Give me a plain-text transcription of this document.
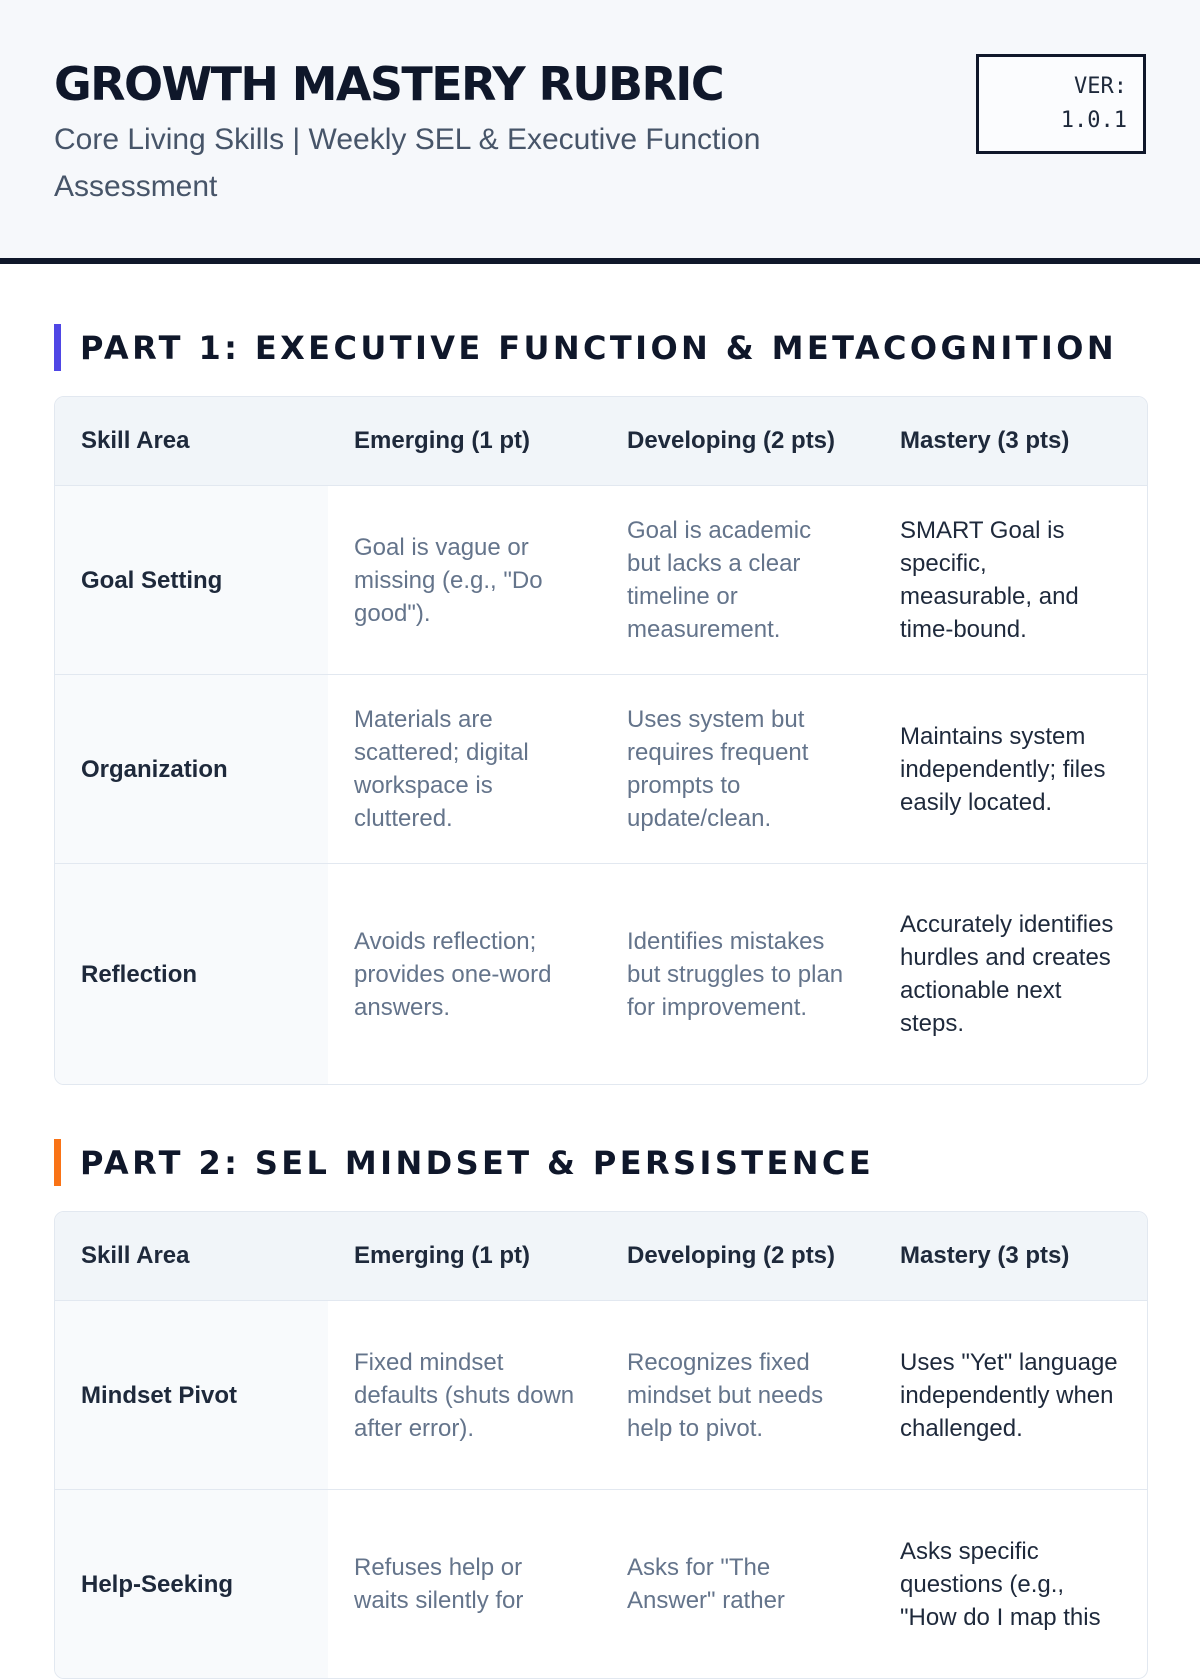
GROWTH MASTERY RUBRIC

Core Living Skills | Weekly SEL & Executive Function Assessment

VER:
1.0.1
PART 1: EXECUTIVE FUNCTION & METACOGNITION
Skill Area	Emerging (1 pt)	Developing (2 pts)	Mastery (3 pts)
Goal Setting	Goal is vague or missing (e.g., "Do good").	Goal is academic but lacks a clear timeline or measurement.	SMART Goal is specific, measurable, and time-bound.
Organization	Materials are scattered; digital workspace is cluttered.	Uses system but requires frequent prompts to update/clean.	Maintains system independently; files easily located.
Reflection	Avoids reflection; provides one-word answers.	Identifies mistakes but struggles to plan for improvement.	Accurately identifies hurdles and creates actionable next steps.
PART 2: SEL MINDSET & PERSISTENCE
Skill Area	Emerging (1 pt)	Developing (2 pts)	Mastery (3 pts)
Mindset Pivot	Fixed mindset defaults (shuts down after error).	Recognizes fixed mindset but needs help to pivot.	Uses "Yet" language independently when challenged.
Help-Seeking	Refuses help or waits silently for	Asks for "The Answer" rather	Asks specific questions (e.g., "How do I map this
